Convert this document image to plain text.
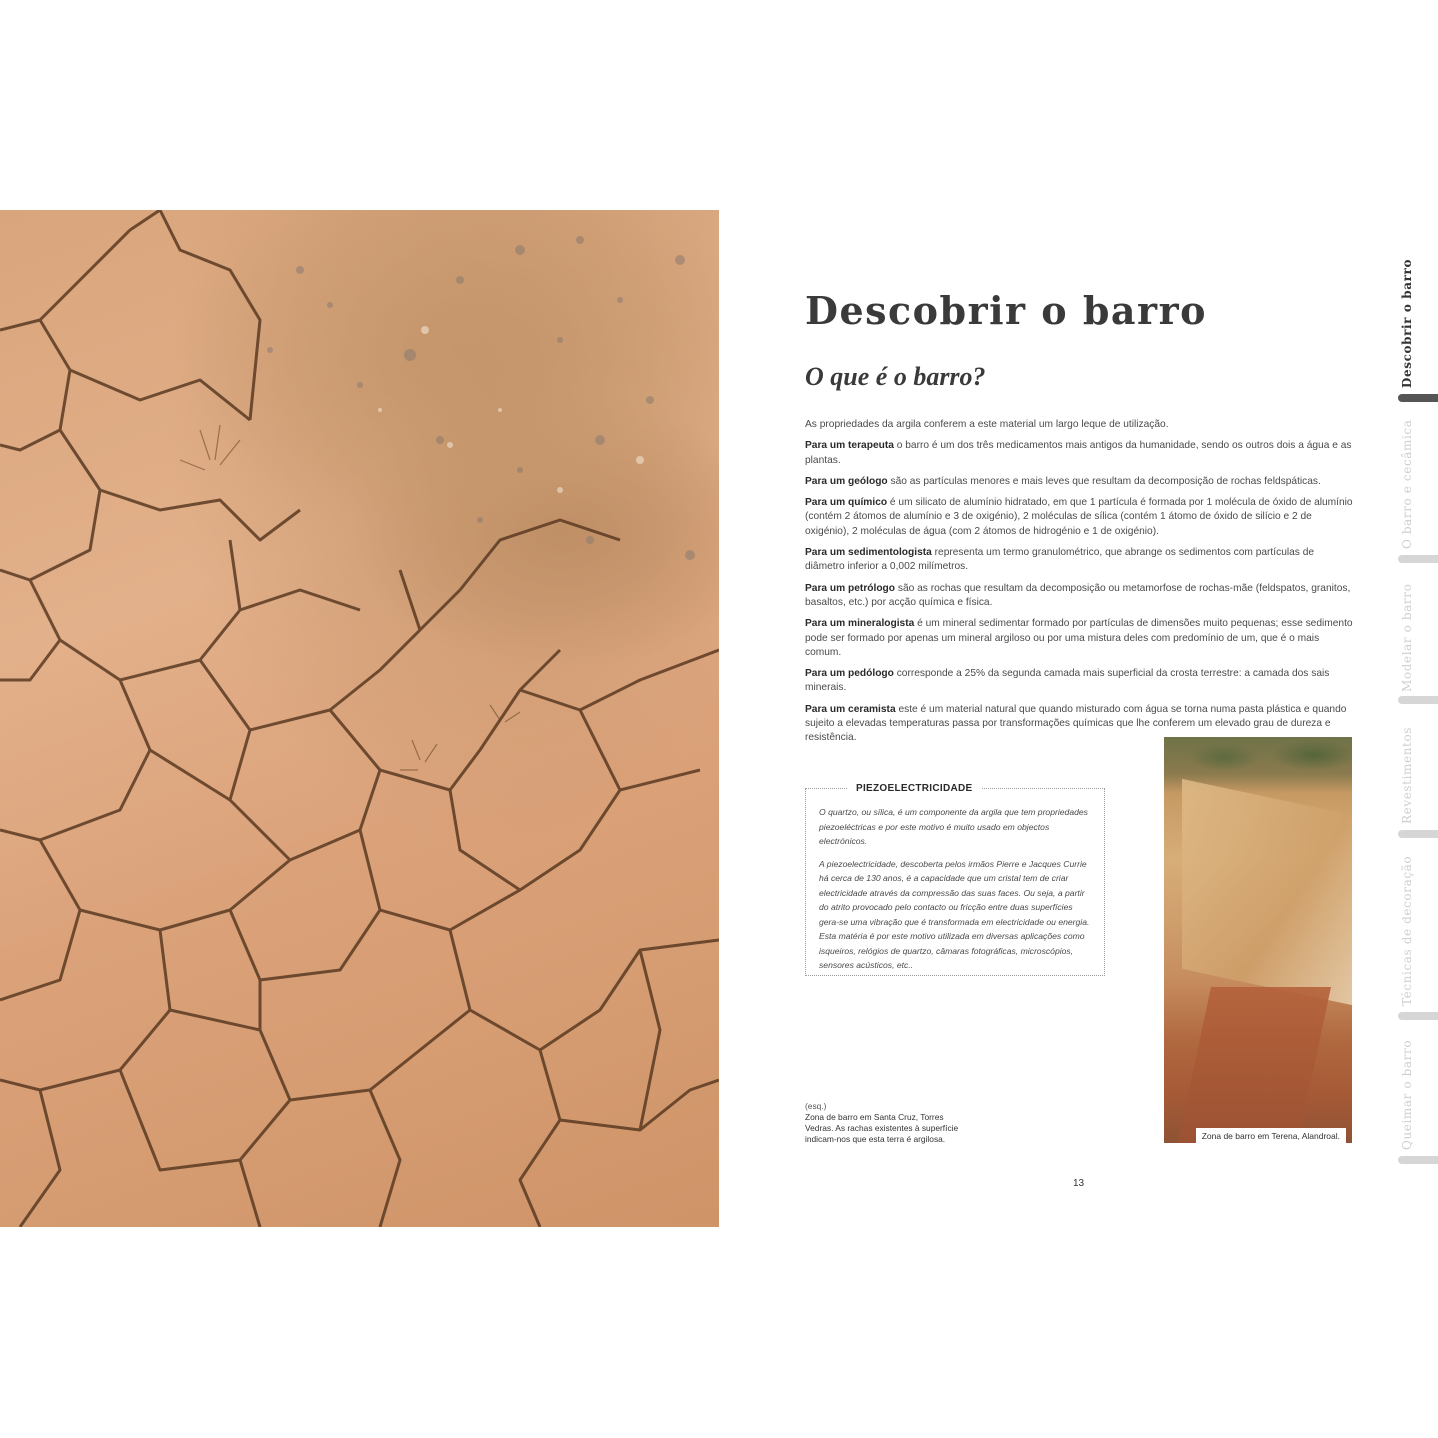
Descobrir o barro
O que é o barro?

As propriedades da argila conferem a este material um largo leque de utilização.

Para um terapeuta o barro é um dos três medicamentos mais antigos da humanidade, sendo os outros dois a água e as plantas.

Para um geólogo são as partículas menores e mais leves que resultam da decomposição de rochas feldspáticas.

Para um químico é um silicato de alumínio hidratado, em que 1 partícula é formada por 1 molécula de óxido de alumínio (contém 2 átomos de alumínio e 3 de oxigénio), 2 moléculas de sílica (contém 1 átomo de óxido de silício e 2 de oxigénio), 2 moléculas de água (com 2 átomos de hidrogénio e 1 de oxigénio).

Para um sedimentologista representa um termo granulométrico, que abrange os sedimentos com partículas de diâmetro inferior a 0,002 milímetros.

Para um petrólogo são as rochas que resultam da decomposição ou metamorfose de rochas-mãe (feldspatos, granitos, basaltos, etc.) por acção química e física.

Para um mineralogista é um mineral sedimentar formado por partículas de dimensões muito pequenas; esse sedimento pode ser formado por apenas um mineral argiloso ou por uma mistura deles com predomínio de um, que é o mais comum.

Para um pedólogo corresponde a 25% da segunda camada mais superficial da crosta terrestre: a camada dos sais minerais.

Para um ceramista este é um material natural que quando misturado com água se torna numa pasta plástica e quando sujeito a elevadas temperaturas passa por transformações químicas que lhe conferem um elevado grau de dureza e resistência.

PIEZOELECTRICIDADE

O quartzo, ou sílica, é um componente da argila que tem propriedades piezoeléctricas e por este motivo é muito usado em objectos electrónicos.

A piezoelectricidade, descoberta pelos irmãos Pierre e Jacques Currie há cerca de 130 anos, é a capacidade que um cristal tem de criar electricidade através da compressão das suas faces. Ou seja, a partir do atrito provocado pelo contacto ou fricção entre duas superfícies gera-se uma vibração que é transformada em electricidade ou energia. Esta matéria é por este motivo utilizada em diversas aplicações como isqueiros, relógios de quartzo, câmaras fotográficas, microscópios, sensores acústicos, etc..

(esq.)
Zona de barro em Santa Cruz, Torres Vedras. As rachas existentes à superfície indicam-nos que esta terra é argilosa.	Zona de barro em Terena, Alandroal.
13
Descobrir o barro
O barro e cecâmica
Modelar o barro
Revestimentos
Técnicas de decoração
Queimar o barro
